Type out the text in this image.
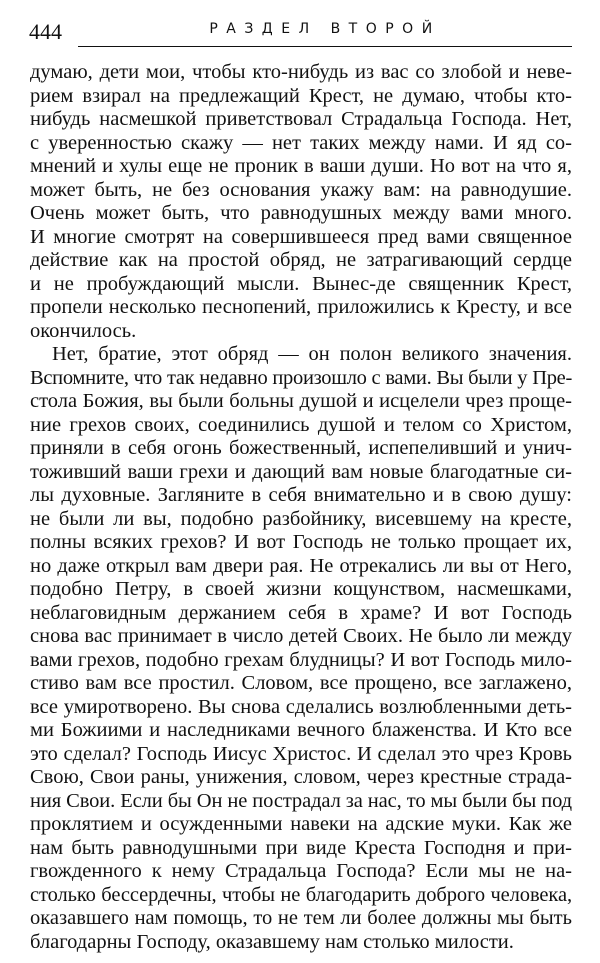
444	РАЗДЕЛ ВТОРОЙ
думаю, дети мои, чтобы кто-нибудь из вас со злобой и неве-
рием взирал на предлежащий Крест, не думаю, чтобы кто-
нибудь насмешкой приветствовал Страдальца Господа. Нет,
с уверенностью скажу — нет таких между нами. И яд со-
мнений и хулы еще не проник в ваши души. Но вот на что я,
может быть, не без основания укажу вам: на равнодушие.
Очень может быть, что равнодушных между вами много.
И многие смотрят на совершившееся пред вами священное
действие как на простой обряд, не затрагивающий сердце
и не пробуждающий мысли. Вынес-де священник Крест,
пропели несколько песнопений, приложились к Кресту, и все
окончилось.
Нет, братие, этот обряд — он полон великого значения.
Вспомните, что так недавно произошло с вами. Вы были у Пре-
стола Божия, вы были больны душой и исцелели чрез проще-
ние грехов своих, соединились душой и телом со Христом,
приняли в себя огонь божественный, испепеливший и унич-
тоживший ваши грехи и дающий вам новые благодатные си-
лы духовные. Загляните в себя внимательно и в свою душу:
не были ли вы, подобно разбойнику, висевшему на кресте,
полны всяких грехов? И вот Господь не только прощает их,
но даже открыл вам двери рая. Не отрекались ли вы от Него,
подобно Петру, в своей жизни кощунством, насмешками,
неблаговидным держанием себя в храме? И вот Господь
снова вас принимает в число детей Своих. Не было ли между
вами грехов, подобно грехам блудницы? И вот Господь мило-
стиво вам все простил. Словом, все прощено, все заглажено,
все умиротворено. Вы снова сделались возлюбленными деть-
ми Божиими и наследниками вечного блаженства. И Кто все
это сделал? Господь Иисус Христос. И сделал это чрез Кровь
Свою, Свои раны, унижения, словом, через крестные страда-
ния Свои. Если бы Он не пострадал за нас, то мы были бы под
проклятием и осужденными навеки на адские муки. Как же
нам быть равнодушными при виде Креста Господня и при-
гвожденного к нему Страдальца Господа? Если мы не на-
столько бессердечны, чтобы не благодарить доброго человека,
оказавшего нам помощь, то не тем ли более должны мы быть
благодарны Господу, оказавшему нам столько милости.
